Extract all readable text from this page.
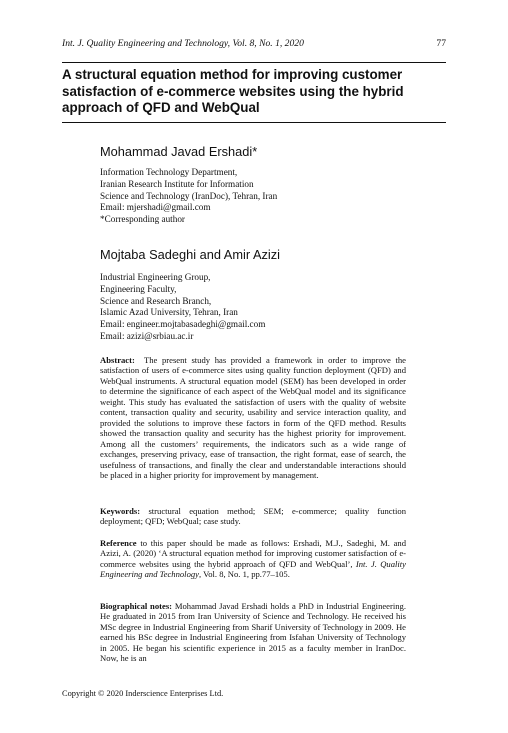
Int. J. Quality Engineering and Technology, Vol. 8, No. 1, 2020	77
A structural equation method for improving customer
satisfaction of e-commerce websites using the hybrid
approach of QFD and WebQual
Mohammad Javad Ershadi*
Information Technology Department,
Iranian Research Institute for Information
Science and Technology (IranDoc), Tehran, Iran
Email: mjershadi@gmail.com
*Corresponding author
Mojtaba Sadeghi and Amir Azizi
Industrial Engineering Group,
Engineering Faculty,
Science and Research Branch,
Islamic Azad University, Tehran, Iran
Email: engineer.mojtabasadeghi@gmail.com
Email: azizi@srbiau.ac.ir
Abstract: The present study has provided a framework in order to improve the satisfaction of users of e-commerce sites using quality function deployment (QFD) and WebQual instruments. A structural equation model (SEM) has been developed in order to determine the significance of each aspect of the WebQual model and its significance weight. This study has evaluated the satisfaction of users with the quality of website content, transaction quality and security, usability and service interaction quality, and provided the solutions to improve these factors in form of the QFD method. Results showed the transaction quality and security has the highest priority for improvement. Among all the customers’ requirements, the indicators such as a wide range of exchanges, preserving privacy, ease of transaction, the right format, ease of search, the usefulness of transactions, and finally the clear and understandable interactions should be placed in a higher priority for improvement by management.
Keywords: structural equation method; SEM; e-commerce; quality function deployment; QFD; WebQual; case study.
Reference to this paper should be made as follows: Ershadi, M.J., Sadeghi, M. and Azizi, A. (2020) ‘A structural equation method for improving customer satisfaction of e-commerce websites using the hybrid approach of QFD and WebQual’, Int. J. Quality Engineering and Technology, Vol. 8, No. 1, pp.77–105.
Biographical notes: Mohammad Javad Ershadi holds a PhD in Industrial Engineering. He graduated in 2015 from Iran University of Science and Technology. He received his MSc degree in Industrial Engineering from Sharif University of Technology in 2009. He earned his BSc degree in Industrial Engineering from Isfahan University of Technology in 2005. He began his scientific experience in 2015 as a faculty member in IranDoc. Now, he is an
Copyright © 2020 Inderscience Enterprises Ltd.
